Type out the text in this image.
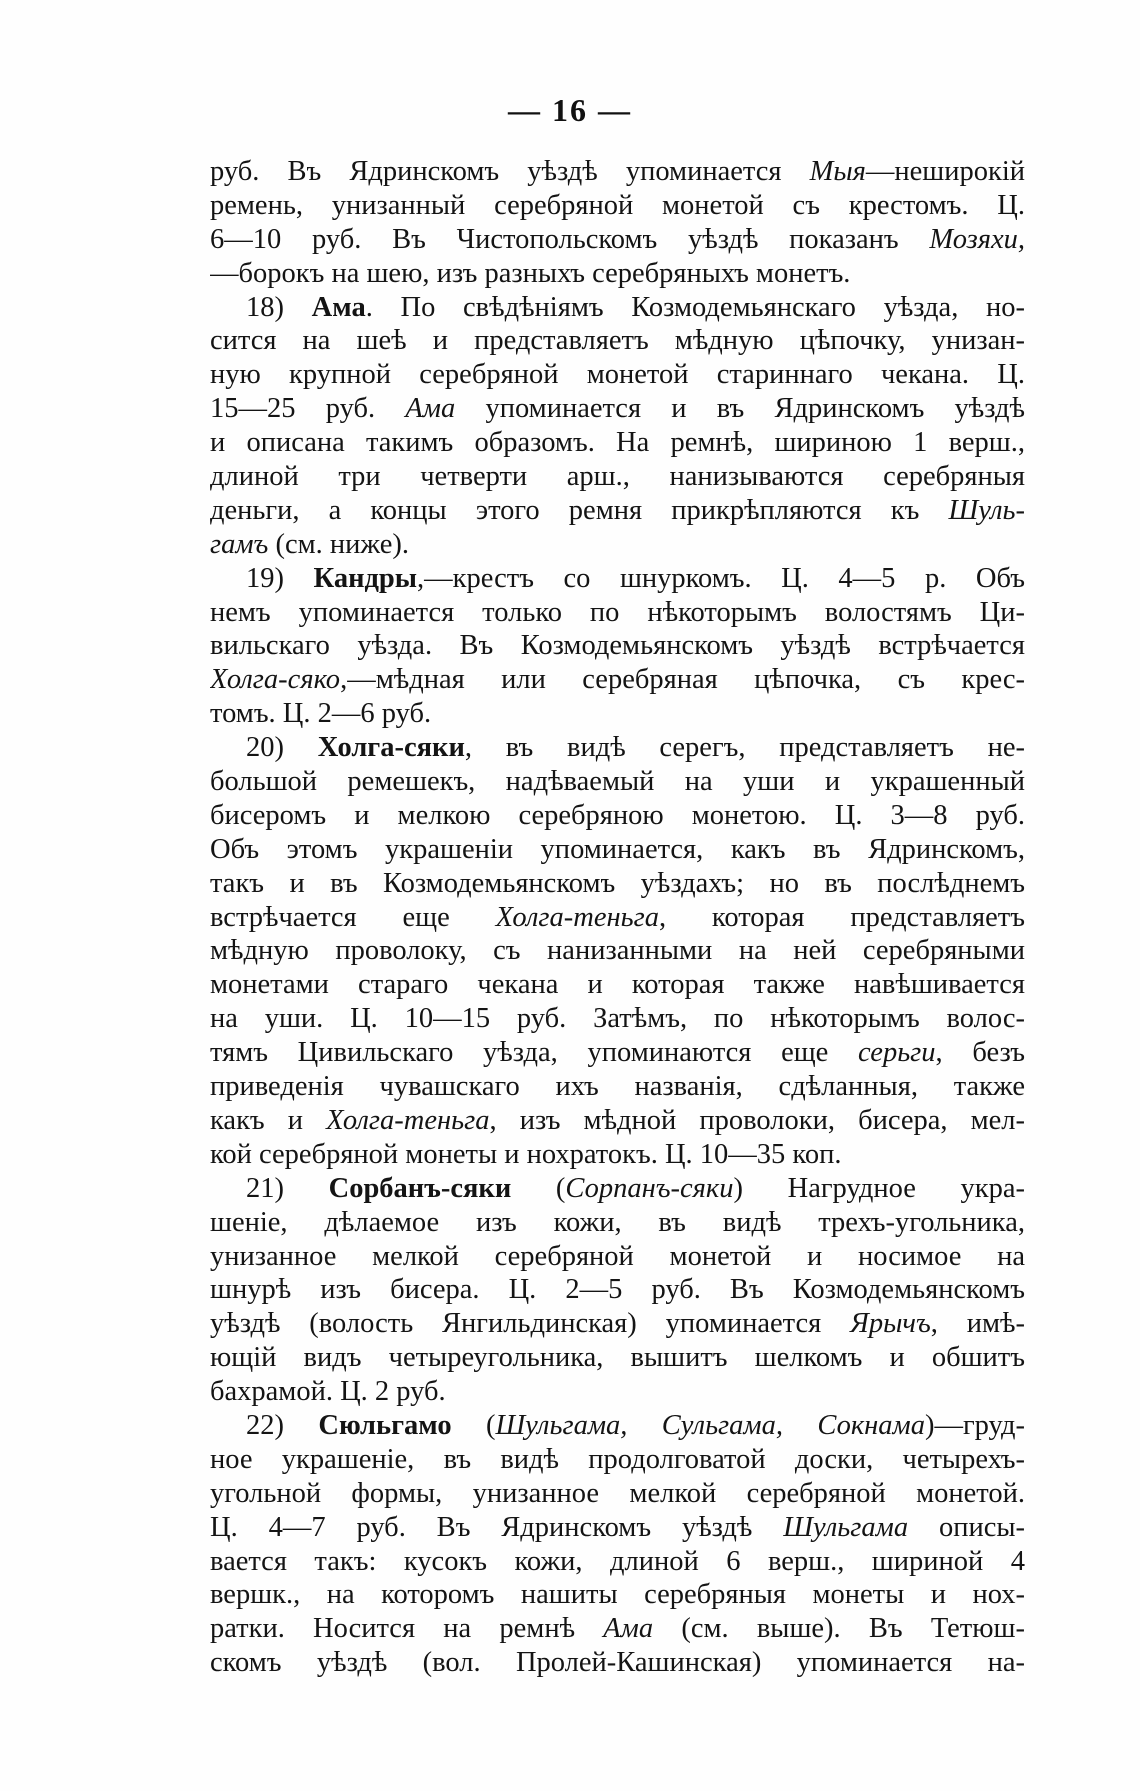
— 16 —
руб. Въ Ядринскомъ уѣздѣ упоминается Мыя—неширокій
ремень, унизанный серебряной монетой съ крестомъ. Ц.
6—10 руб. Въ Чистопольскомъ уѣздѣ показанъ Мозяхи,
—борокъ на шею, изъ разныхъ серебряныхъ монетъ.
18) Ама. По свѣдѣніямъ Козмодемьянскаго уѣзда, но-
сится на шеѣ и представляетъ мѣдную цѣпочку, унизан-
ную крупной серебряной монетой стариннаго чекана. Ц.
15—25 руб. Ама упоминается и въ Ядринскомъ уѣздѣ
и описана такимъ образомъ. На ремнѣ, шириною 1 верш.,
длиной три четверти арш., нанизываются серебряныя
деньги, а концы этого ремня прикрѣпляются къ Шуль-
гамъ (см. ниже).
19) Кандры,—крестъ со шнуркомъ. Ц. 4—5 р. Объ
немъ упоминается только по нѣкоторымъ волостямъ Ци-
вильскаго уѣзда. Въ Козмодемьянскомъ уѣздѣ встрѣчается
Холга-сяко,—мѣдная или серебряная цѣпочка, съ крес-
томъ. Ц. 2—6 руб.
20) Холга-сяки, въ видѣ серегъ, представляетъ не-
большой ремешекъ, надѣваемый на уши и украшенный
бисеромъ и мелкою серебряною монетою. Ц. 3—8 руб.
Объ этомъ украшеніи упоминается, какъ въ Ядринскомъ,
такъ и въ Козмодемьянскомъ уѣздахъ; но въ послѣднемъ
встрѣчается еще Холга-теньга, которая представляетъ
мѣдную проволоку, съ нанизанными на ней серебряными
монетами стараго чекана и которая также навѣшивается
на уши. Ц. 10—15 руб. Затѣмъ, по нѣкоторымъ волос-
тямъ Цивильскаго уѣзда, упоминаются еще серьги, безъ
приведенія чувашскаго ихъ названія, сдѣланныя, также
какъ и Холга-теньга, изъ мѣдной проволоки, бисера, мел-
кой серебряной монеты и нохратокъ. Ц. 10—35 коп.
21) Сорбанъ-сяки (Сорпанъ-сяки) Нагрудное укра-
шеніе, дѣлаемое изъ кожи, въ видѣ трехъ-угольника,
унизанное мелкой серебряной монетой и носимое на
шнурѣ изъ бисера. Ц. 2—5 руб. Въ Козмодемьянскомъ
уѣздѣ (волость Янгильдинская) упоминается Ярычъ, имѣ-
ющій видъ четыреугольника, вышитъ шелкомъ и обшитъ
бахрамой. Ц. 2 руб.
22) Сюльгамо (Шульгама, Сульгама, Сокнама)—груд-
ное украшеніе, въ видѣ продолговатой доски, четырехъ-
угольной формы, унизанное мелкой серебряной монетой.
Ц. 4—7 руб. Въ Ядринскомъ уѣздѣ Шульгама описы-
вается такъ: кусокъ кожи, длиной 6 верш., шириной 4
вершк., на которомъ нашиты серебряныя монеты и нох-
ратки. Носится на ремнѣ Ама (см. выше). Въ Тетюш-
скомъ уѣздѣ (вол. Пролей-Кашинская) упоминается на-
